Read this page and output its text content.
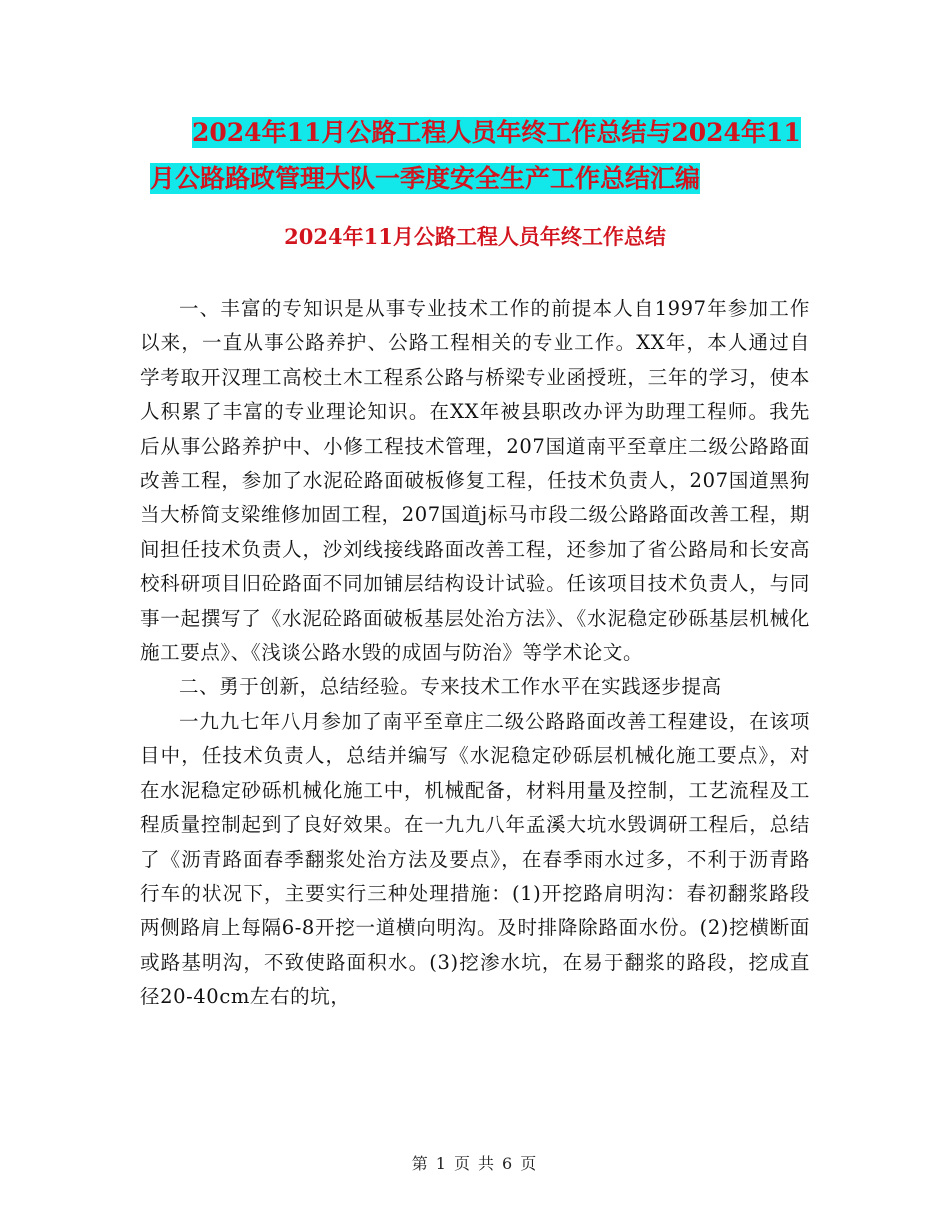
2024年11月公路工程人员年终工作总结与2024年11
月公路路政管理大队一季度安全生产工作总结汇编
2024年11月公路工程人员年终工作总结

一、丰富的专知识是从事专业技术工作的前提本人自1997年参加工作以来，一直从事公路养护、公路工程相关的专业工作。XX年，本人通过自学考取开汉理工高校土木工程系公路与桥梁专业函授班，三年的学习，使本人积累了丰富的专业理论知识。在XX年被县职改办评为助理工程师。我先后从事公路养护中、小修工程技术管理，207国道南平至章庄二级公路路面改善工程，参加了水泥砼路面破板修复工程，任技术负责人，207国道黑狗当大桥简支梁维修加固工程，207国道j标马市段二级公路路面改善工程，期间担任技术负责人，沙刘线接线路面改善工程，还参加了省公路局和长安高校科研项目旧砼路面不同加铺层结构设计试验。任该项目技术负责人，与同事一起撰写了《水泥砼路面破板基层处治方法》、《水泥稳定砂砾基层机械化施工要点》、《浅谈公路水毁的成固与防治》等学术论文。

二、勇于创新，总结经验。专来技术工作水平在实践逐步提高

一九九七年八月参加了南平至章庄二级公路路面改善工程建设，在该项目中，任技术负责人，总结并编写《水泥稳定砂砾层机械化施工要点》，对在水泥稳定砂砾机械化施工中，机械配备，材料用量及控制，工艺流程及工程质量控制起到了良好效果。在一九九八年孟溪大坑水毁调研工程后，总结了《沥青路面春季翻浆处治方法及要点》，在春季雨水过多，不利于沥青路行车的状况下，主要实行三种处理措施：(1)开挖路肩明沟：春初翻浆路段两侧路肩上每隔6-8开挖一道横向明沟。及时排降除路面水份。(2)挖横断面或路基明沟，不致使路面积水。(3)挖渗水坑，在易于翻浆的路段，挖成直径20-40cm左右的坑，

第 1 页 共 6 页
